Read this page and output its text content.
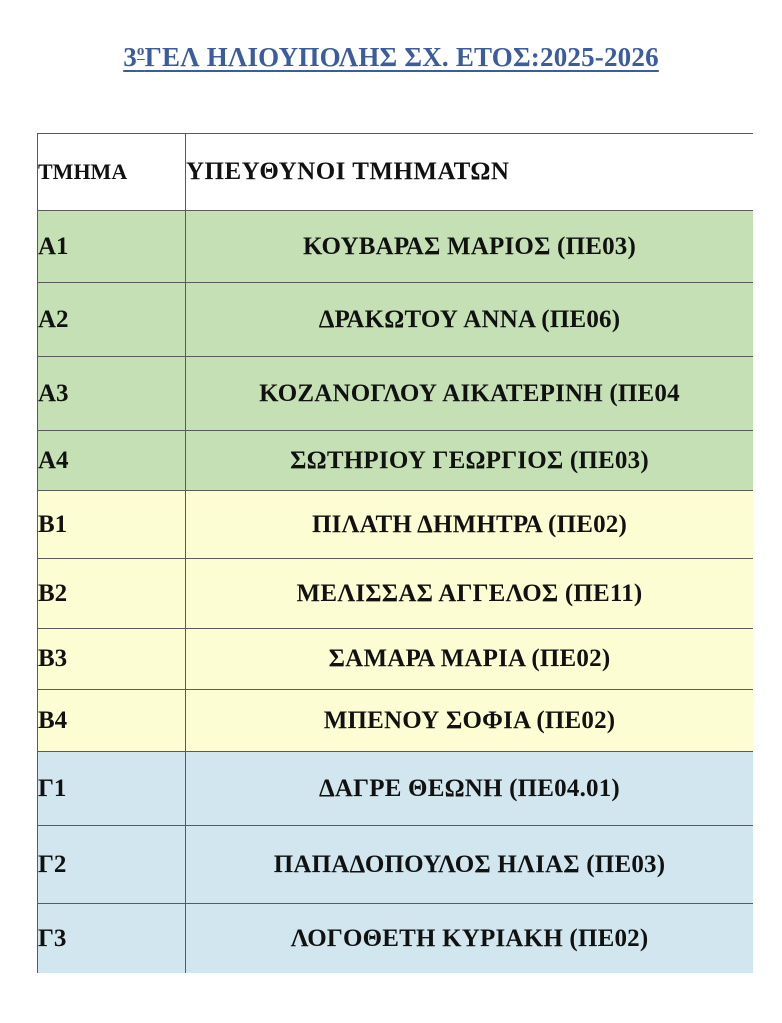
$3^o\Gamma E\Lambda$ ΗΛΙΟΥΠΟΛΗΣ ΣΧ. ΕΤΟΣ:2025-2026
ΤΜΗΜΑ	ΥΠΕΥΘΥΝΟΙ ΤΜΗΜΑΤΩΝ
Α1	ΚΟΥΒΑΡΑΣ ΜΑΡΙΟΣ (ΠΕ03)
Α2	ΔΡΑΚΩΤΟΥ ΑΝΝΑ (ΠΕ06)
Α3	ΚΟΖΑΝΟΓΛΟΥ ΑΙΚΑΤΕΡΙΝΗ (ΠΕ04
Α4	ΣΩΤΗΡΙΟΥ ΓΕΩΡΓΙΟΣ (ΠΕ03)
Β1	ΠΙΛΑΤΗ ΔΗΜΗΤΡΑ (ΠΕ02)
Β2	ΜΕΛΙΣΣΑΣ ΑΓΓΕΛΟΣ (ΠΕ11)
Β3	ΣΑΜΑΡΑ ΜΑΡΙΑ (ΠΕ02)
Β4	ΜΠΕΝΟΥ ΣΟΦΙΑ (ΠΕ02)
Γ1	ΔΑΓΡΕ ΘΕΩΝΗ (ΠΕ04.01)
Γ2	ΠΑΠΑΔΟΠΟΥΛΟΣ ΗΛΙΑΣ (ΠΕ03)
Γ3	ΛΟΓΟΘΕΤΗ ΚΥΡΙΑΚΗ (ΠΕ02)
